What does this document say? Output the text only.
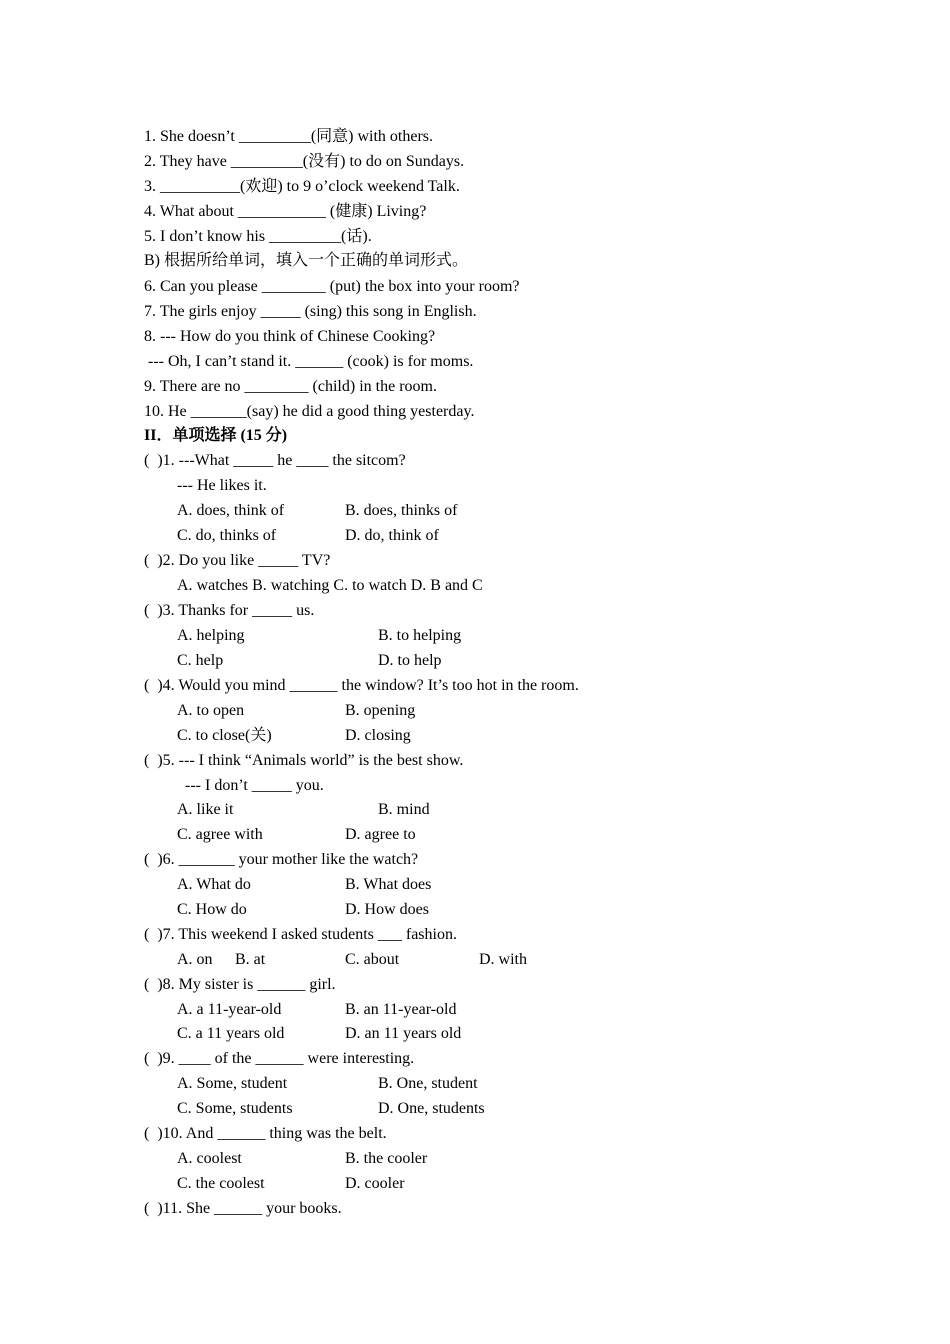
1. She doesn’t _________(同意) with others.
2. They have _________(没有) to do on Sundays.
3. __________(欢迎) to 9 o’clock weekend Talk.
4. What about ___________ (健康) Living?
5. I don’t know his _________(话).
B) 根据所给单词，填入一个正确的单词形式。
6. Can you please ________ (put) the box into your room?
7. The girls enjoy _____ (sing) this song in English.
8. --- How do you think of Chinese Cooking?
--- Oh, I can’t stand it. ______ (cook) is for moms.
9. There are no ________ (child) in the room.
10. He _______(say) he did a good thing yesterday.
II．单项选择 (15 分)
(  )1. ---What _____ he ____ the sitcom?
--- He likes it.
A. does, think of	B. does, thinks of
C. do, thinks of	D. do, think of
(  )2. Do you like _____ TV?
A. watches B. watching C. to watch D. B and C
(  )3. Thanks for _____ us.
A. helping	B. to helping
C. help	D. to help
(  )4. Would you mind ______ the window? It’s too hot in the room.
A. to open	B. opening
C. to close(关)	D. closing
(  )5. --- I think “Animals world” is the best show.
--- I don’t _____ you.
A. like it	B. mind
C. agree with	D. agree to
(  )6. _______ your mother like the watch?
A. What do	B. What does
C. How do	D. How does
(  )7. This weekend I asked students ___ fashion.
A. on B. at	C. about	D. with
(  )8. My sister is ______ girl.
A. a 11-year-old	B. an 11-year-old
C. a 11 years old	D. an 11 years old
(  )9. ____ of the ______ were interesting.
A. Some, student	B. One, student
C. Some, students	D. One, students
(  )10. And ______ thing was the belt.
A. coolest	B. the cooler
C. the coolest	D. cooler
(  )11. She ______ your books.
